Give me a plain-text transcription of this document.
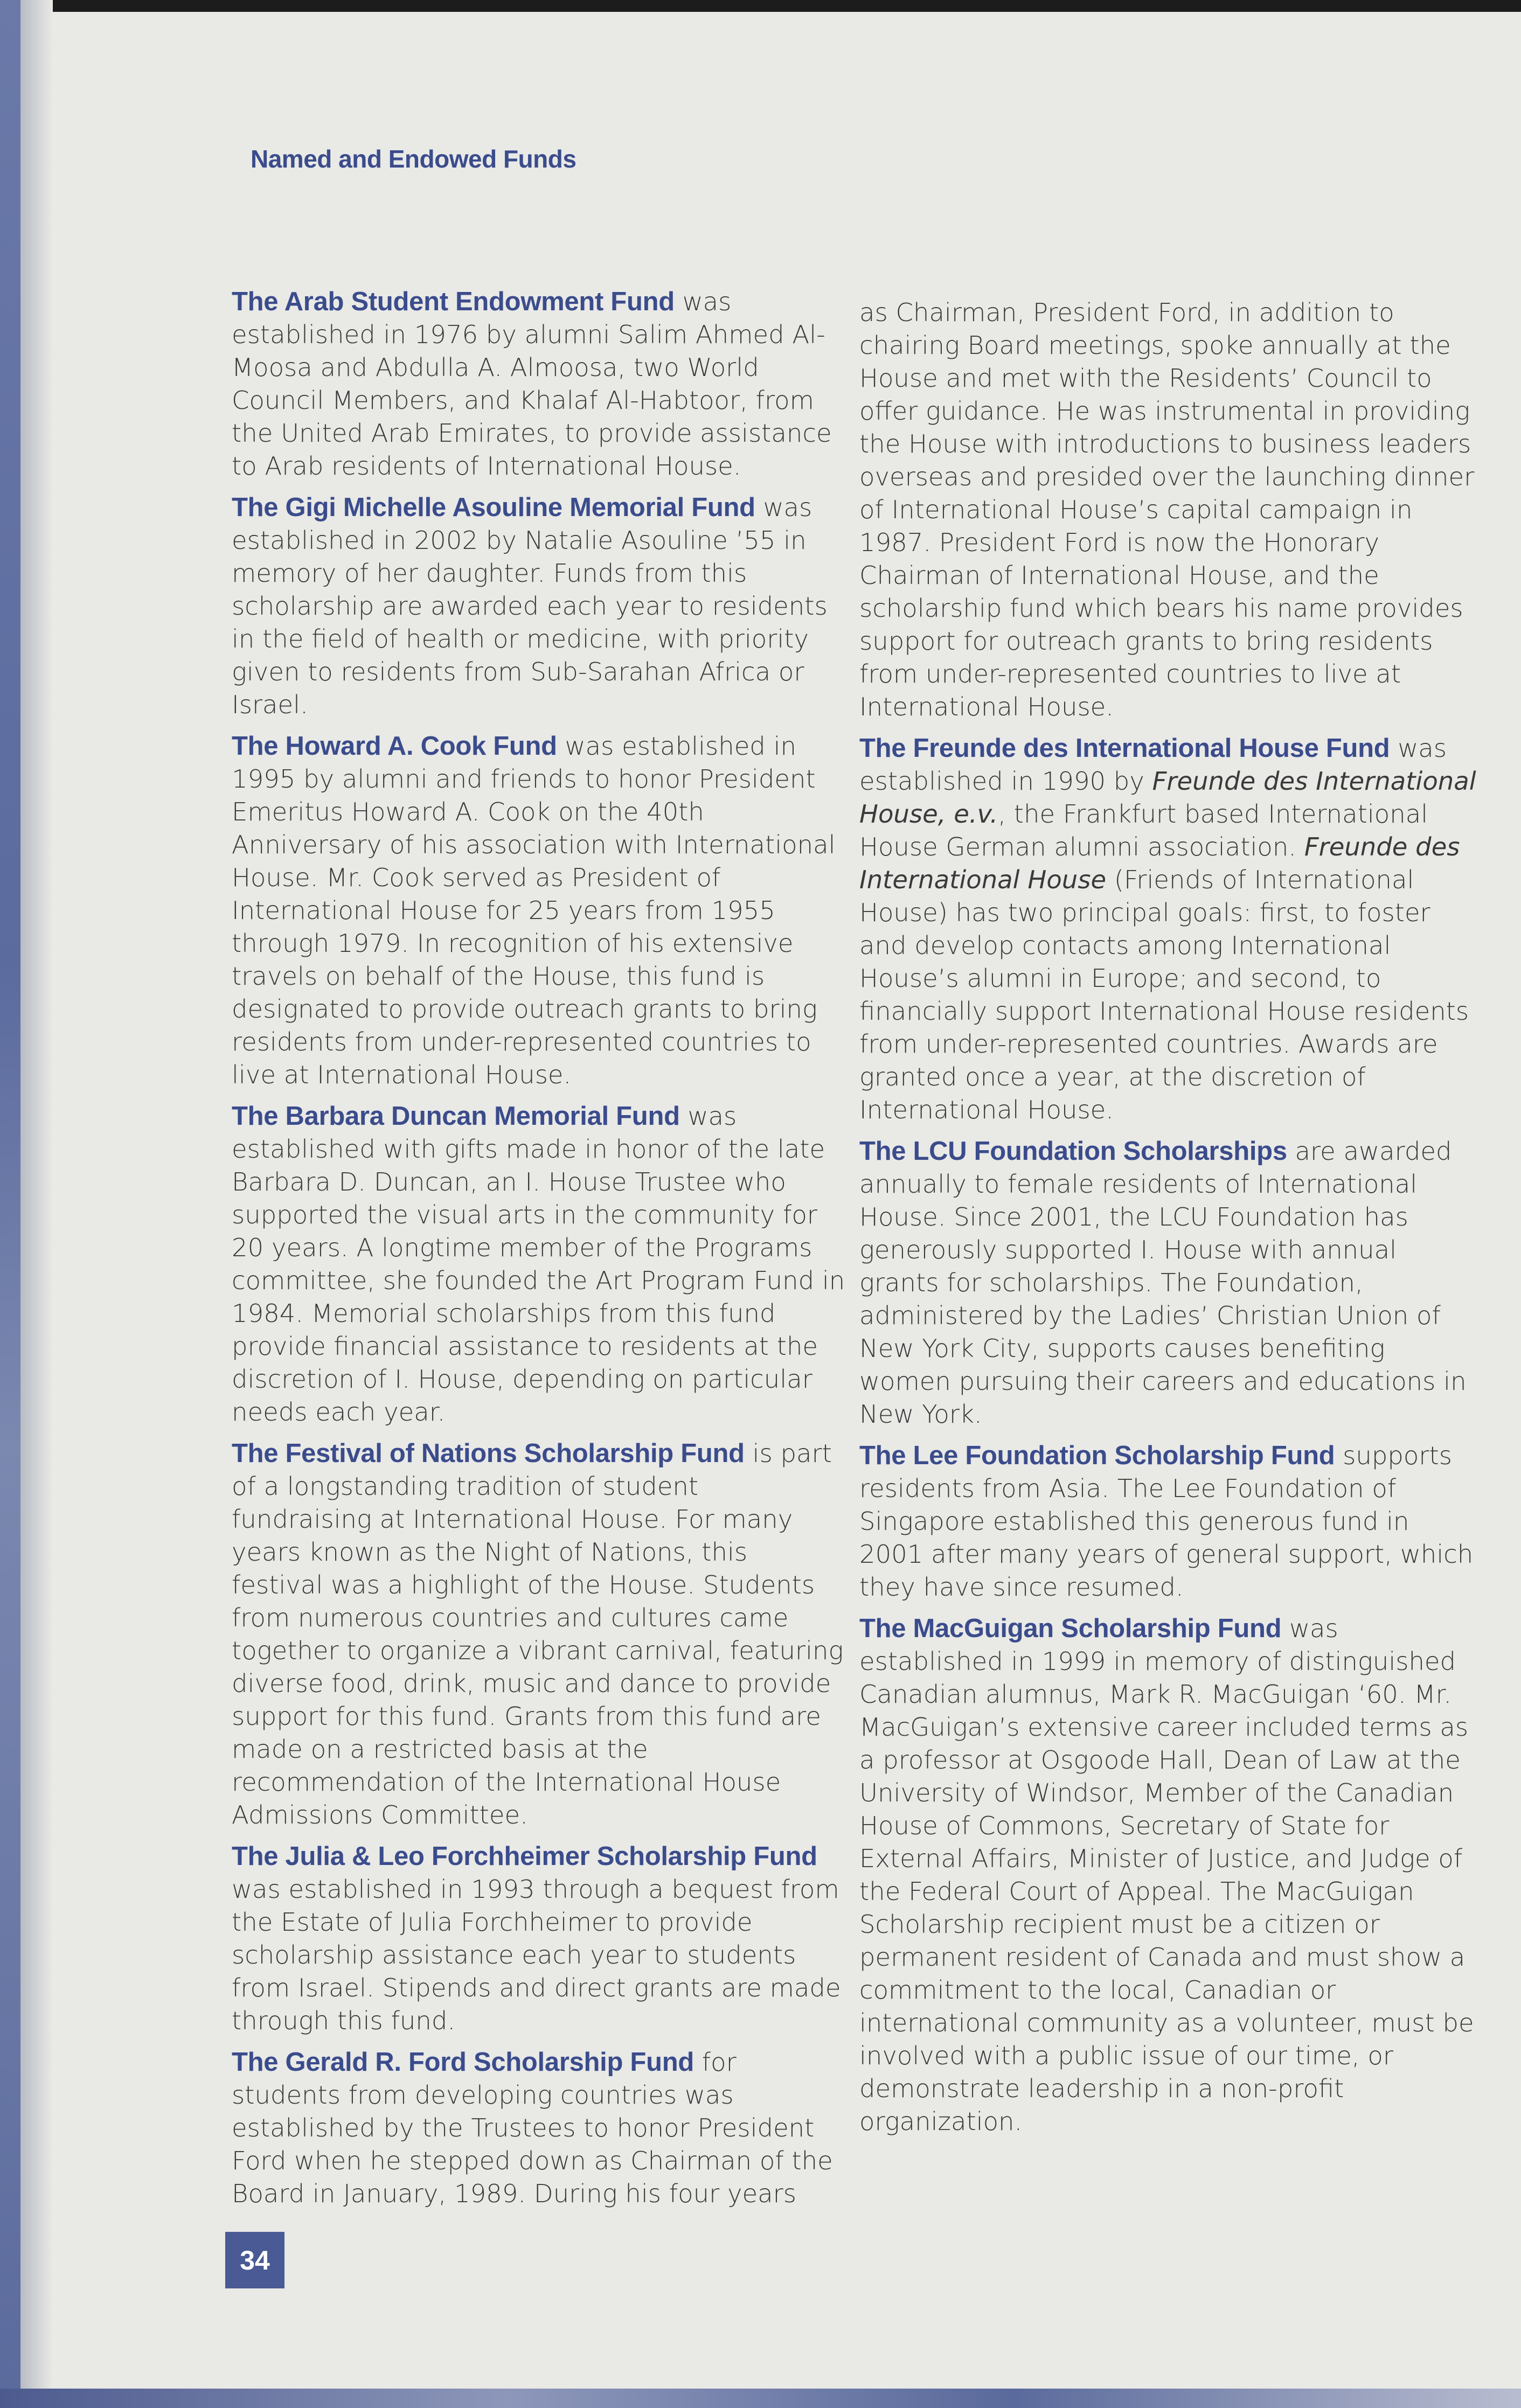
Named and Endowed Funds

The Arab Student Endowment Fund was established in 1976 by alumni Salim Ahmed Al-Moosa and Abdulla A. Almoosa, two World Council Members, and Khalaf Al-Habtoor, from the United Arab Emirates, to provide assistance to Arab residents of International House.

The Gigi Michelle Asouline Memorial Fund was established in 2002 by Natalie Asouline ’55 in memory of her daughter. Funds from this scholarship are awarded each year to residents in the field of health or medicine, with priority given to residents from Sub-Sarahan Africa or Israel.

The Howard A. Cook Fund was established in 1995 by alumni and friends to honor President Emeritus Howard A. Cook on the 40th Anniversary of his association with International House. Mr. Cook served as President of International House for 25 years from 1955 through 1979. In recognition of his extensive travels on behalf of the House, this fund is designated to provide outreach grants to bring residents from under-represented countries to live at International House.

The Barbara Duncan Memorial Fund was established with gifts made in honor of the late Barbara D. Duncan, an I. House Trustee who supported the visual arts in the community for 20 years. A longtime member of the Programs committee, she founded the Art Program Fund in 1984. Memorial scholarships from this fund provide financial assistance to residents at the discretion of I. House, depending on particular needs each year.

The Festival of Nations Scholarship Fund is part of a longstanding tradition of student fundraising at International House. For many years known as the Night of Nations, this festival was a highlight of the House. Students from numerous countries and cultures came together to organize a vibrant carnival, featuring diverse food, drink, music and dance to provide support for this fund. Grants from this fund are made on a restricted basis at the recommendation of the International House Admissions Committee.

The Julia & Leo Forchheimer Scholarship Fund was established in 1993 through a bequest from the Estate of Julia Forchheimer to provide scholarship assistance each year to students from Israel. Stipends and direct grants are made through this fund.

The Gerald R. Ford Scholarship Fund for students from developing countries was established by the Trustees to honor President Ford when he stepped down as Chairman of the Board in January, 1989. During his four years

as Chairman, President Ford, in addition to chairing Board meetings, spoke annually at the House and met with the Residents’ Council to offer guidance. He was instrumental in providing the House with introductions to business leaders overseas and presided over the launching dinner of International House’s capital campaign in 1987. President Ford is now the Honorary Chairman of International House, and the scholarship fund which bears his name provides support for outreach grants to bring residents from under-represented countries to live at International House.

The Freunde des International House Fund was established in 1990 by Freunde des International House, e.v., the Frankfurt based International House German alumni association. Freunde des International House (Friends of International House) has two principal goals: first, to foster and develop contacts among International House’s alumni in Europe; and second, to financially support International House residents from under-represented countries. Awards are granted once a year, at the discretion of International House.

The LCU Foundation Scholarships are awarded annually to female residents of International House. Since 2001, the LCU Foundation has generously supported I. House with annual grants for scholarships. The Foundation, administered by the Ladies’ Christian Union of New York City, supports causes benefiting women pursuing their careers and educations in New York.

The Lee Foundation Scholarship Fund supports residents from Asia. The Lee Foundation of Singapore established this generous fund in 2001 after many years of general support, which they have since resumed.

The MacGuigan Scholarship Fund was established in 1999 in memory of distinguished Canadian alumnus, Mark R. MacGuigan ‘60. Mr. MacGuigan’s extensive career included terms as a professor at Osgoode Hall, Dean of Law at the University of Windsor, Member of the Canadian House of Commons, Secretary of State for External Affairs, Minister of Justice, and Judge of the Federal Court of Appeal. The MacGuigan Scholarship recipient must be a citizen or permanent resident of Canada and must show a commitment to the local, Canadian or international community as a volunteer, must be involved with a public issue of our time, or demonstrate leadership in a non-profit organization.

34
